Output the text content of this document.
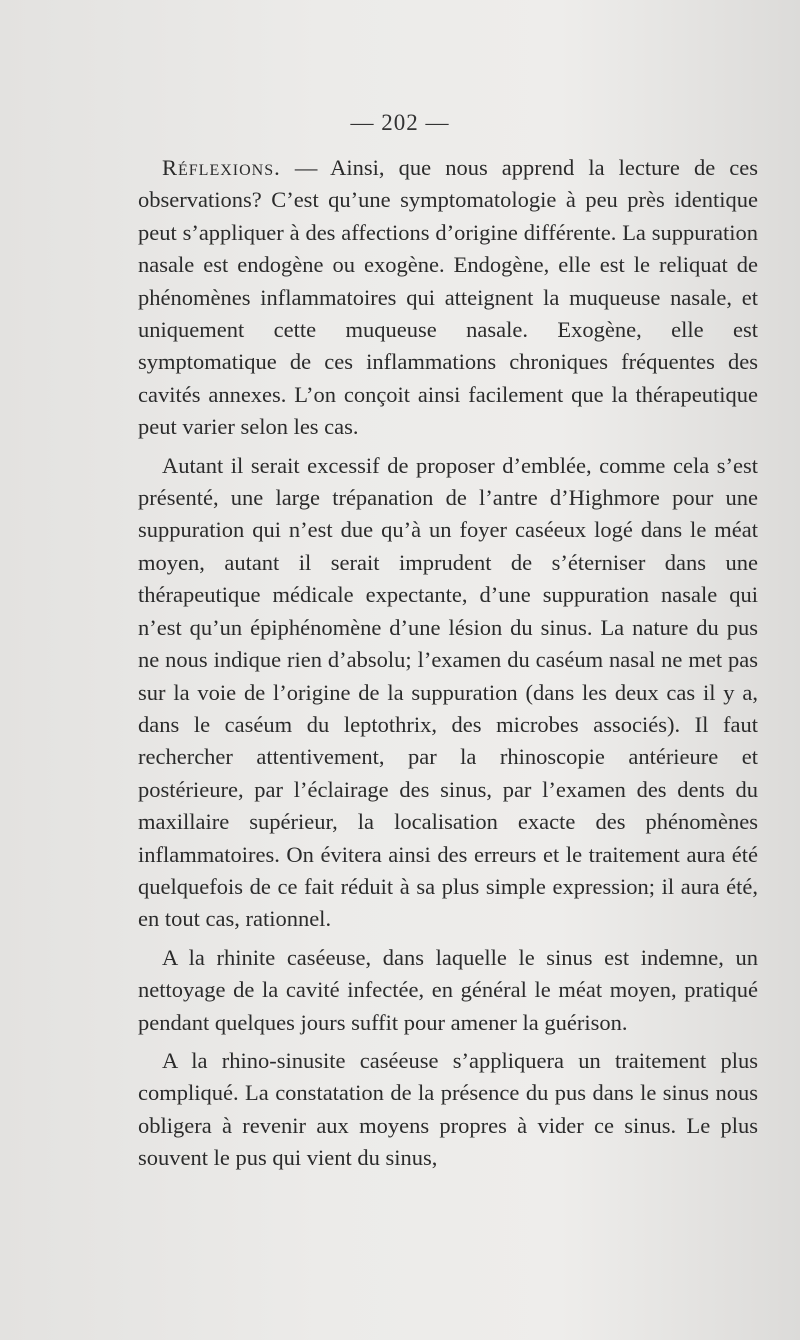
— 202 —

Réflexions. — Ainsi, que nous apprend la lecture de ces observations? C’est qu’une symptomatologie à peu près identique peut s’appliquer à des affections d’origine différente. La suppuration nasale est endogène ou exogène. Endogène, elle est le reliquat de phénomènes inflammatoires qui atteignent la muqueuse nasale, et uniquement cette muqueuse nasale. Exogène, elle est symptomatique de ces inflammations chroniques fréquentes des cavités annexes. L’on conçoit ainsi facilement que la thérapeutique peut varier selon les cas.

Autant il serait excessif de proposer d’emblée, comme cela s’est présenté, une large trépanation de l’antre d’Highmore pour une suppuration qui n’est due qu’à un foyer caséeux logé dans le méat moyen, autant il serait imprudent de s’éterniser dans une thérapeutique médicale expectante, d’une suppuration nasale qui n’est qu’un épiphénomène d’une lésion du sinus. La nature du pus ne nous indique rien d’absolu; l’examen du caséum nasal ne met pas sur la voie de l’origine de la suppuration (dans les deux cas il y a, dans le caséum du leptothrix, des microbes associés). Il faut rechercher attentivement, par la rhinoscopie antérieure et postérieure, par l’éclairage des sinus, par l’examen des dents du maxillaire supérieur, la localisation exacte des phénomènes inflammatoires. On évitera ainsi des erreurs et le traitement aura été quelquefois de ce fait réduit à sa plus simple expression; il aura été, en tout cas, rationnel.

A la rhinite caséeuse, dans laquelle le sinus est indemne, un nettoyage de la cavité infectée, en général le méat moyen, pratiqué pendant quelques jours suffit pour amener la guérison.

A la rhino-sinusite caséeuse s’appliquera un traitement plus compliqué. La constatation de la présence du pus dans le sinus nous obligera à revenir aux moyens propres à vider ce sinus. Le plus souvent le pus qui vient du sinus,
